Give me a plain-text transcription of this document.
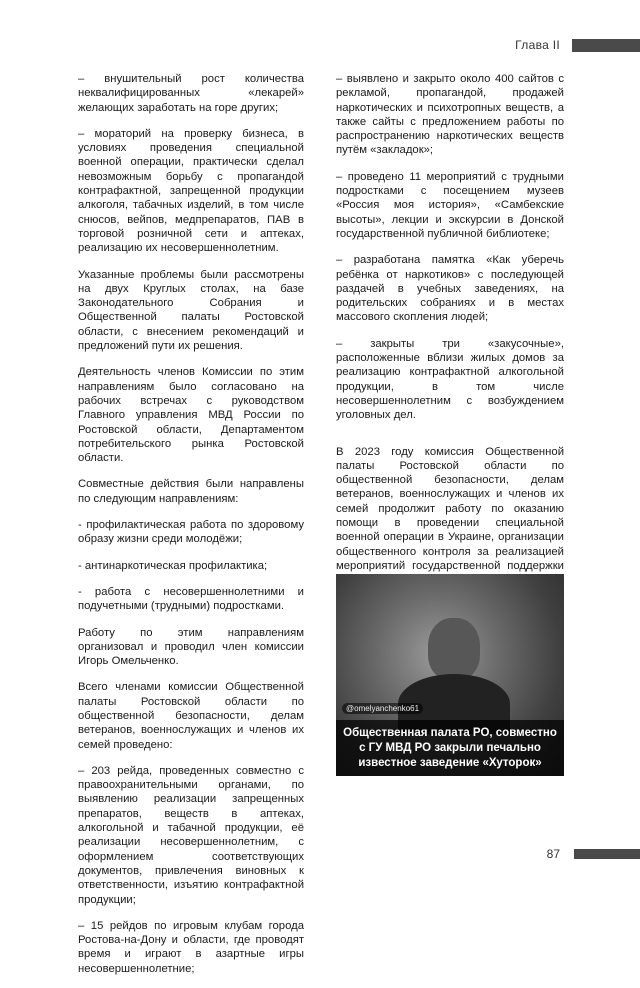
Глава II

– внушительный рост количества неквалифицированных «лекарей» желающих заработать на горе других;

– мораторий на проверку бизнеса, в условиях проведения специальной военной операции, практически сделал невозможным борьбу с пропагандой контрафактной, запрещенной продукции алкоголя, табачных изделий, в том числе снюсов, вейпов, медпрепаратов, ПАВ в торговой розничной сети и аптеках, реализацию их несовершеннолетним.

Указанные проблемы были рассмотрены на двух Круглых столах, на базе Законодательного Собрания и Общественной палаты Ростовской области, с внесением рекомендаций и предложений пути их решения.

Деятельность членов Комиссии по этим направлениям было согласовано на рабочих встречах с руководством Главного управления МВД России по Ростовской области, Департаментом потребительского рынка Ростовской области.

Совместные действия были направлены по следующим направлениям:

- профилактическая работа по здоровому образу жизни среди молодёжи;

- антинаркотическая профилактика;

- работа с несовершеннолетними и подучетными (трудными) подростками.

Работу по этим направлениям организовал и проводил член комиссии Игорь Омельченко.

Всего членами комиссии Общественной палаты Ростовской области по общественной безопасности, делам ветеранов, военнослужащих и членов их семей проведено:

– 203 рейда, проведенных совместно с правоохранительными органами, по выявлению реализации запрещенных препаратов, веществ в аптеках, алкогольной и табачной продукции, её реализации несовершеннолетним, с оформлением соответствующих документов, привлечения виновных к ответственности, изъятию контрафактной продукции;

– 15 рейдов по игровым клубам города Ростова-на-Дону и области, где проводят время и играют в азартные игры несовершеннолетние;

– выявлено и закрыто около 400 сайтов с рекламой, пропагандой, продажей наркотических и психотропных веществ, а также сайты с предложением работы по распространению наркотических веществ путём «закладок»;

– проведено 11 мероприятий с трудными подростками с посещением музеев «Россия моя история», «Самбекские высоты», лекции и экскурсии в Донской государственной публичной библиотеке;

– разработана памятка «Как уберечь ребёнка от наркотиков» с последующей раздачей в учебных заведениях, на родительских собраниях и в местах массового скопления людей;

– закрыты три «закусочные», расположенные вблизи жилых домов за реализацию контрафактной алкогольной продукции, в том числе несовершеннолетним с возбуждением уголовных дел.

В 2023 году комиссия Общественной палаты Ростовской области по общественной безопасности, делам ветеранов, военнослужащих и членов их семей продолжит работу по оказанию помощи в проведении специальной военной операции в Украине, организации общественного контроля за реализацией мероприятий государственной поддержки

@omelyanchenko61
Общественная палата РО, совместно с ГУ МВД РО закрыли печально известное заведение «Хуторок»
87
